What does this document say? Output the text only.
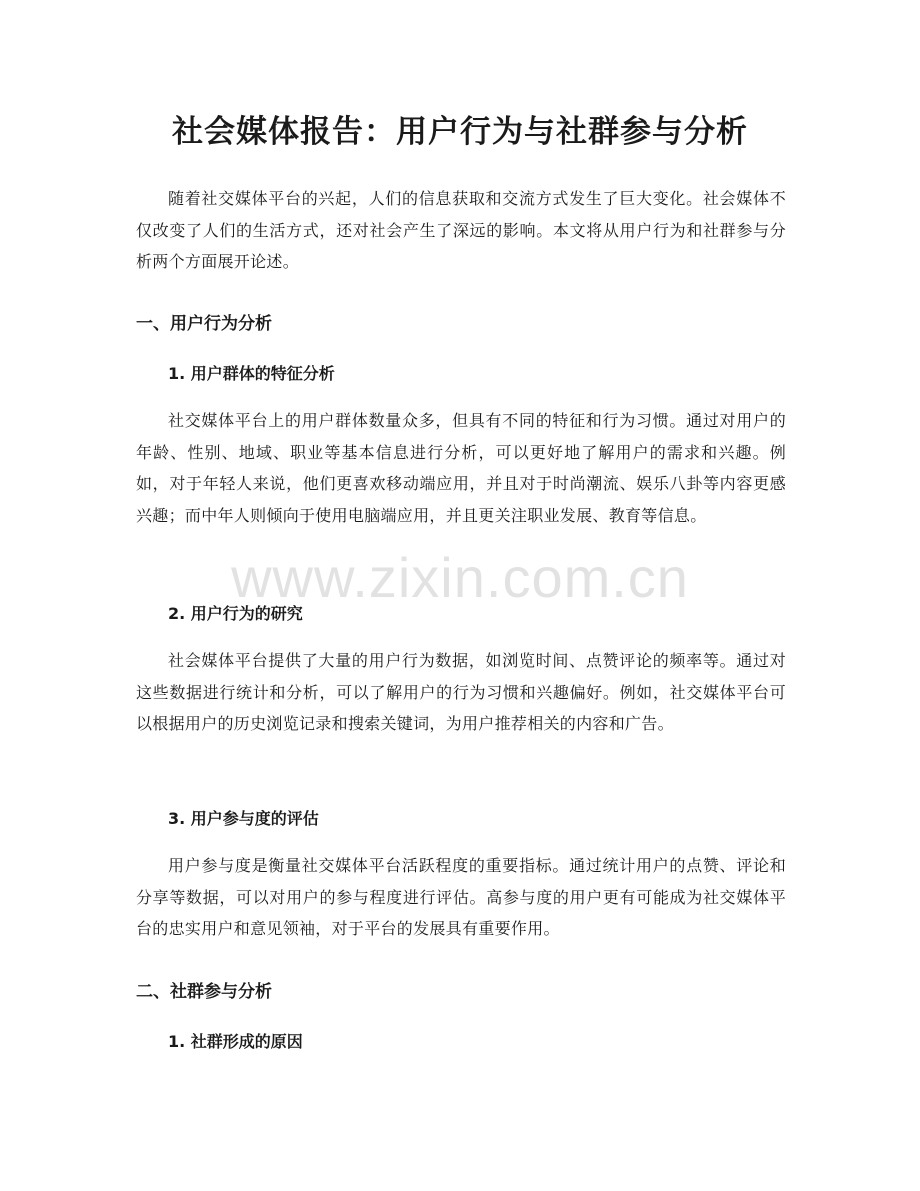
社会媒体报告：用户行为与社群参与分析

随着社交媒体平台的兴起，人们的信息获取和交流方式发生了巨大变化。社会媒体不仅改变了人们的生活方式，还对社会产生了深远的影响。本文将从用户行为和社群参与分析两个方面展开论述。

一、用户行为分析
1. 用户群体的特征分析

社交媒体平台上的用户群体数量众多，但具有不同的特征和行为习惯。通过对用户的年龄、性别、地域、职业等基本信息进行分析，可以更好地了解用户的需求和兴趣。例如，对于年轻人来说，他们更喜欢移动端应用，并且对于时尚潮流、娱乐八卦等内容更感兴趣；而中年人则倾向于使用电脑端应用，并且更关注职业发展、教育等信息。

2. 用户行为的研究

社会媒体平台提供了大量的用户行为数据，如浏览时间、点赞评论的频率等。通过对这些数据进行统计和分析，可以了解用户的行为习惯和兴趣偏好。例如，社交媒体平台可以根据用户的历史浏览记录和搜索关键词，为用户推荐相关的内容和广告。

3. 用户参与度的评估

用户参与度是衡量社交媒体平台活跃程度的重要指标。通过统计用户的点赞、评论和分享等数据，可以对用户的参与程度进行评估。高参与度的用户更有可能成为社交媒体平台的忠实用户和意见领袖，对于平台的发展具有重要作用。

二、社群参与分析
1. 社群形成的原因
www.zixin.com.cn
